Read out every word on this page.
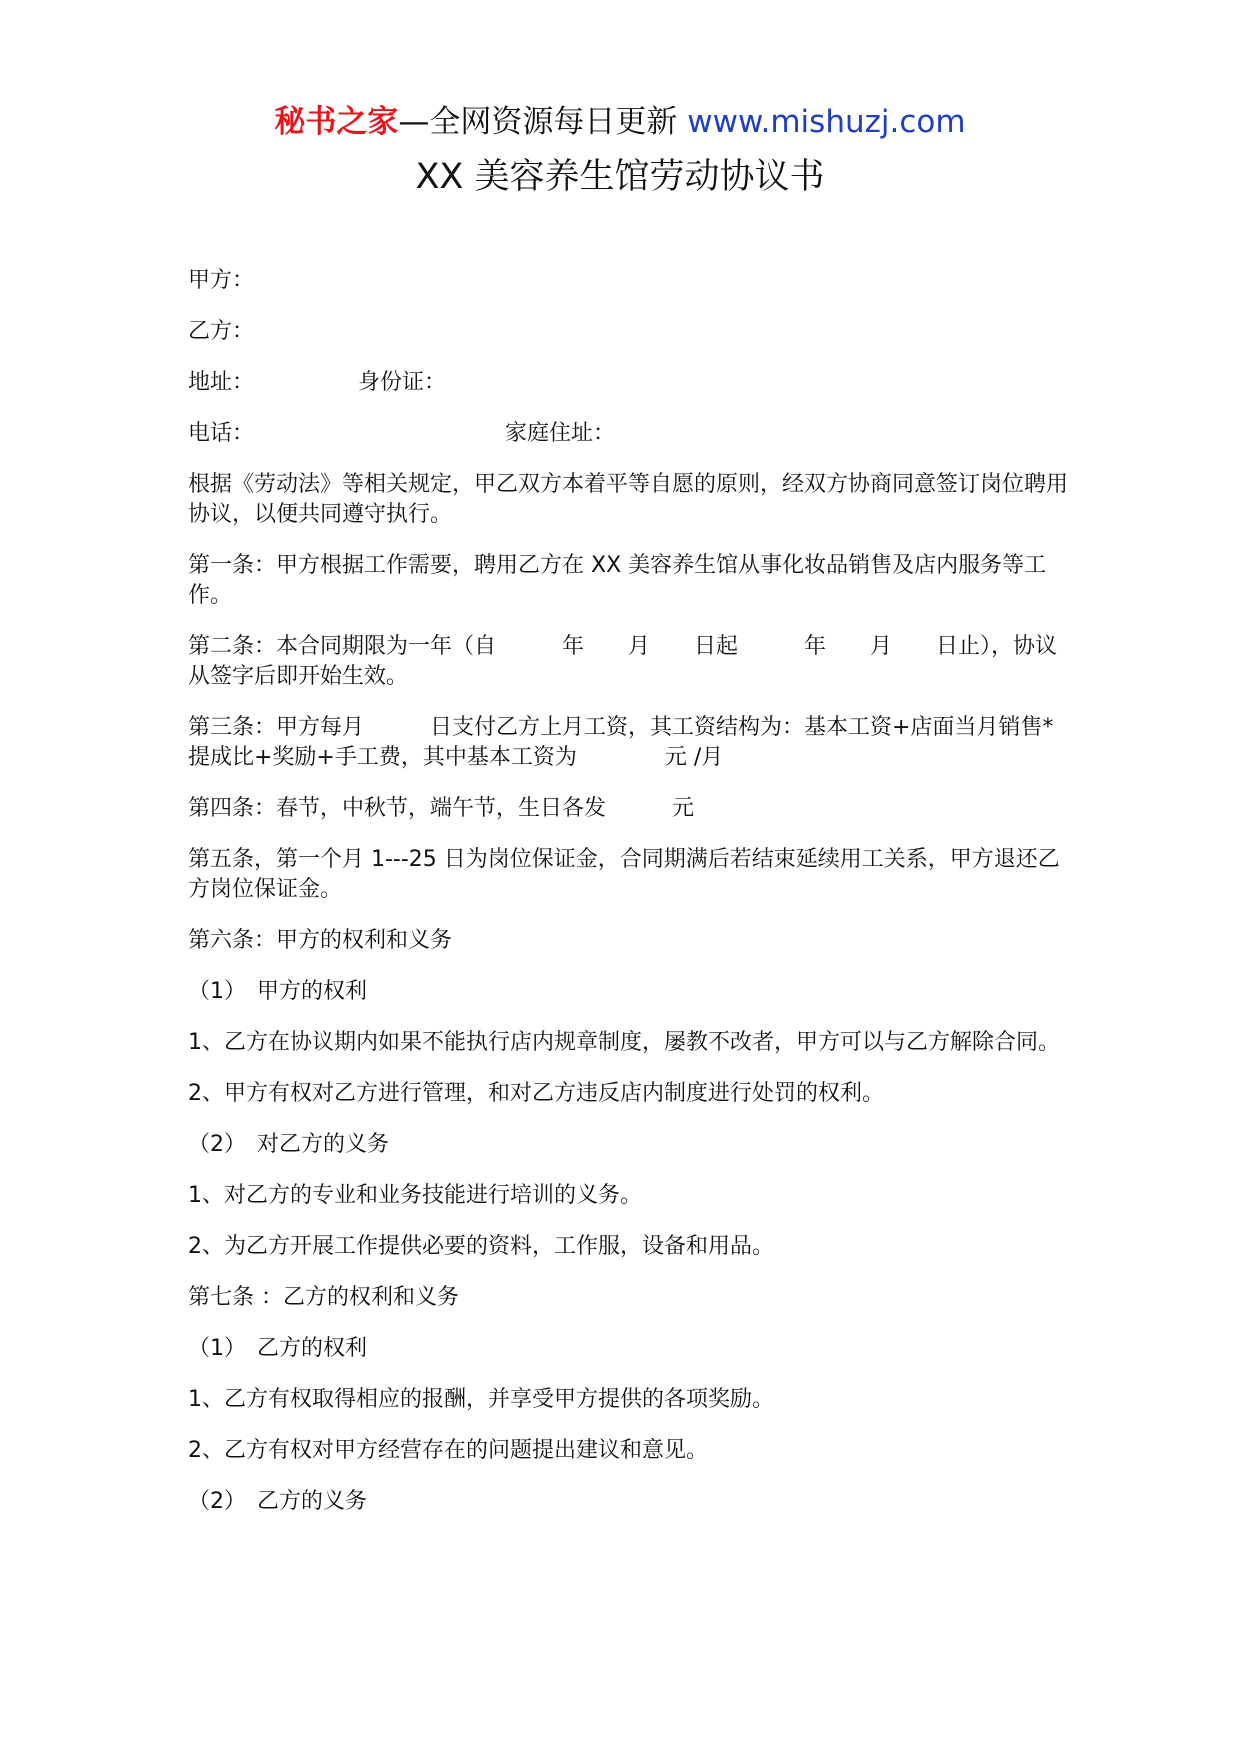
秘书之家—全网资源每日更新 www.mishuzj.com
XX 美容养生馆劳动协议书

甲方：

乙方：

地址：	身份证：

电话：	家庭住址：

根据《劳动法》等相关规定，甲乙双方本着平等自愿的原则，经双方协商同意签订岗位聘用协议，以便共同遵守执行。

第一条：甲方根据工作需要，聘用乙方在 XX 美容养生馆从事化妆品销售及店内服务等工作。

第二条：本合同期限为一年（自　　　年　　月　　日起　　　年　　月　　日止），协议从签字后即开始生效。

第三条：甲方每月　　　日支付乙方上月工资，其工资结构为：基本工资+店面当月销售*提成比+奖励+手工费，其中基本工资为　　　　元 /月

第四条：春节，中秋节，端午节，生日各发　　　元

第五条，第一个月 1---25 日为岗位保证金，合同期满后若结束延续用工关系，甲方退还乙方岗位保证金。

第六条：甲方的权利和义务

（1）　甲方的权利

1、乙方在协议期内如果不能执行店内规章制度，屡教不改者，甲方可以与乙方解除合同。

2、甲方有权对乙方进行管理，和对乙方违反店内制度进行处罚的权利。

（2）　对乙方的义务

1、对乙方的专业和业务技能进行培训的义务。

2、为乙方开展工作提供必要的资料，工作服，设备和用品。

第七条 ：乙方的权利和义务

（1）　乙方的权利

1、乙方有权取得相应的报酬，并享受甲方提供的各项奖励。

2、乙方有权对甲方经营存在的问题提出建议和意见。

（2）　乙方的义务
